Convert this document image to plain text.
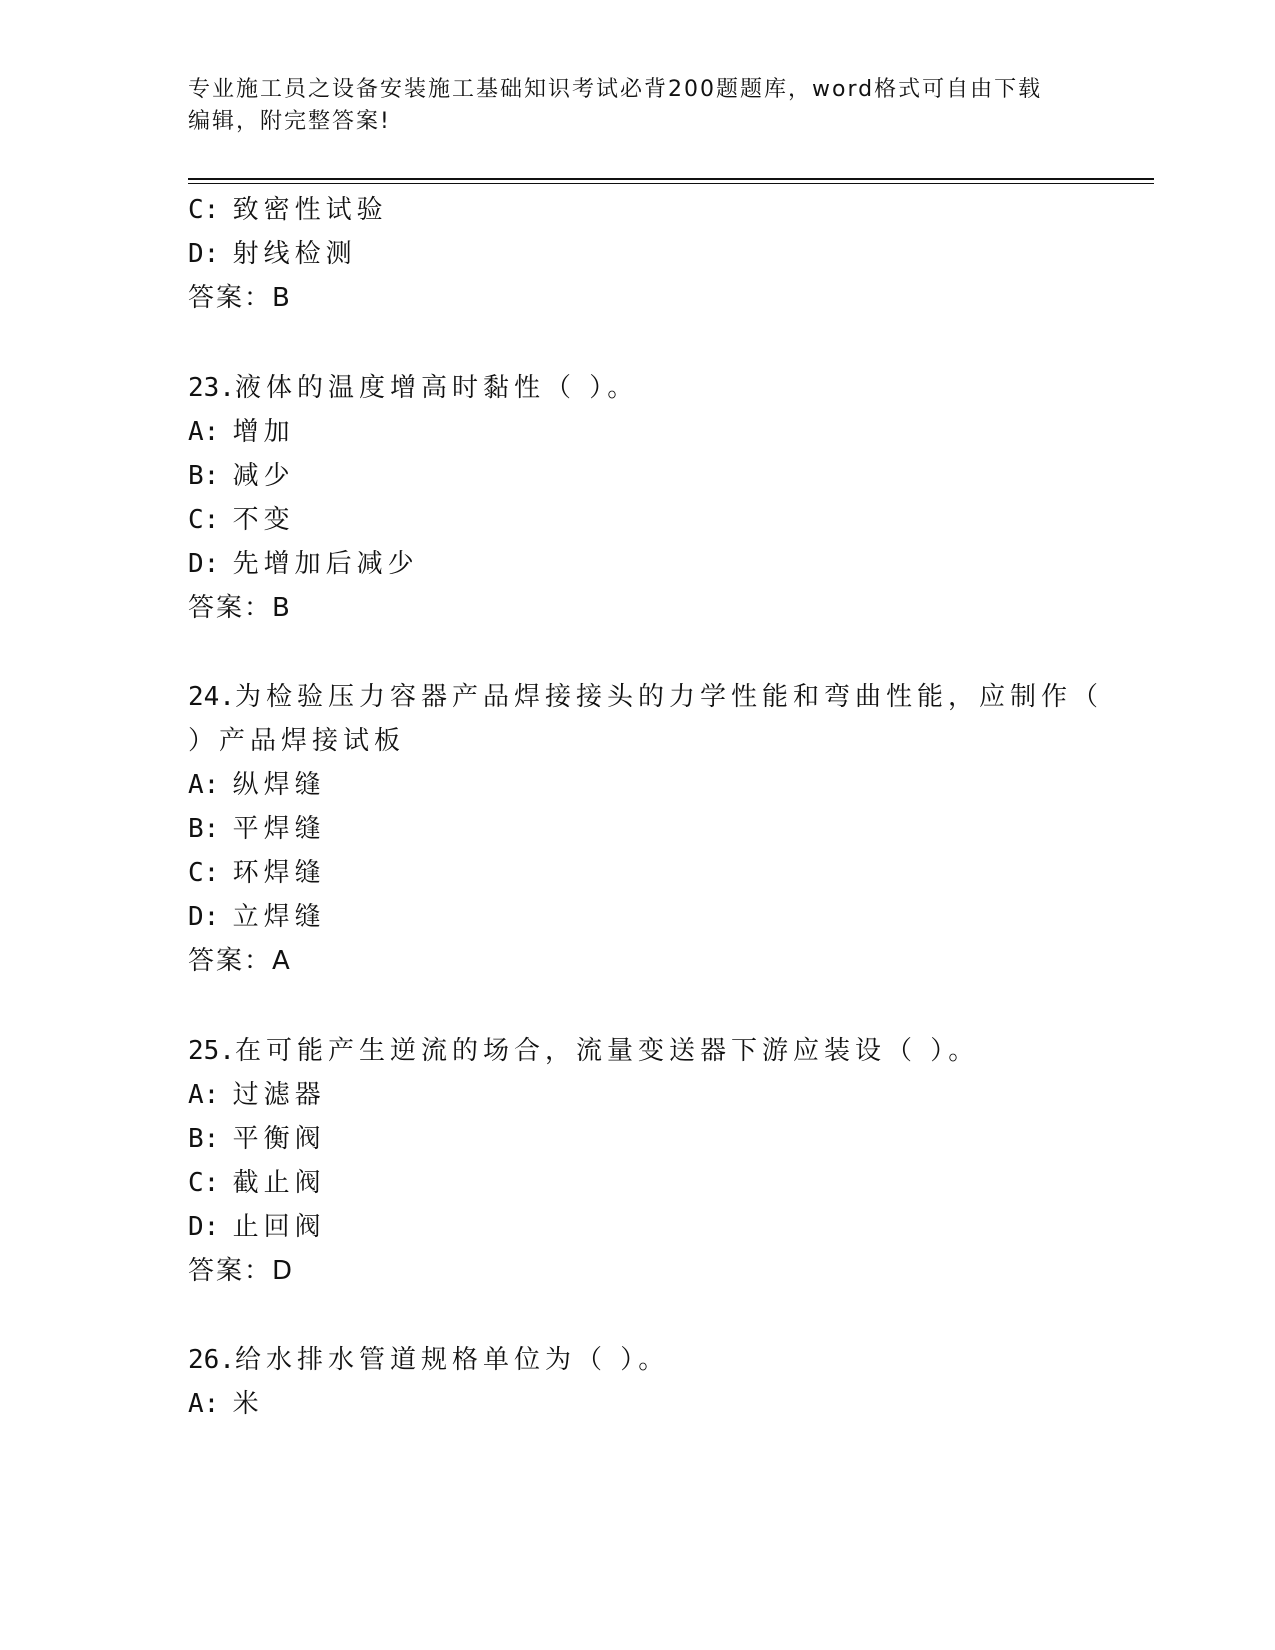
专业施工员之设备安装施工基础知识考试必背200题题库，word格式可自由下载
编辑，附完整答案!
C: 致密性试验
D: 射线检测
答案：B
23.液体的温度增高时黏性（ ）。
A: 增加
B: 减少
C: 不变
D: 先增加后减少
答案：B
24.为检验压力容器产品焊接接头的力学性能和弯曲性能，应制作（
）产品焊接试板
A: 纵焊缝
B: 平焊缝
C: 环焊缝
D: 立焊缝
答案：A
25.在可能产生逆流的场合，流量变送器下游应装设（ ）。
A: 过滤器
B: 平衡阀
C: 截止阀
D: 止回阀
答案：D
26.给水排水管道规格单位为（ ）。
A: 米
